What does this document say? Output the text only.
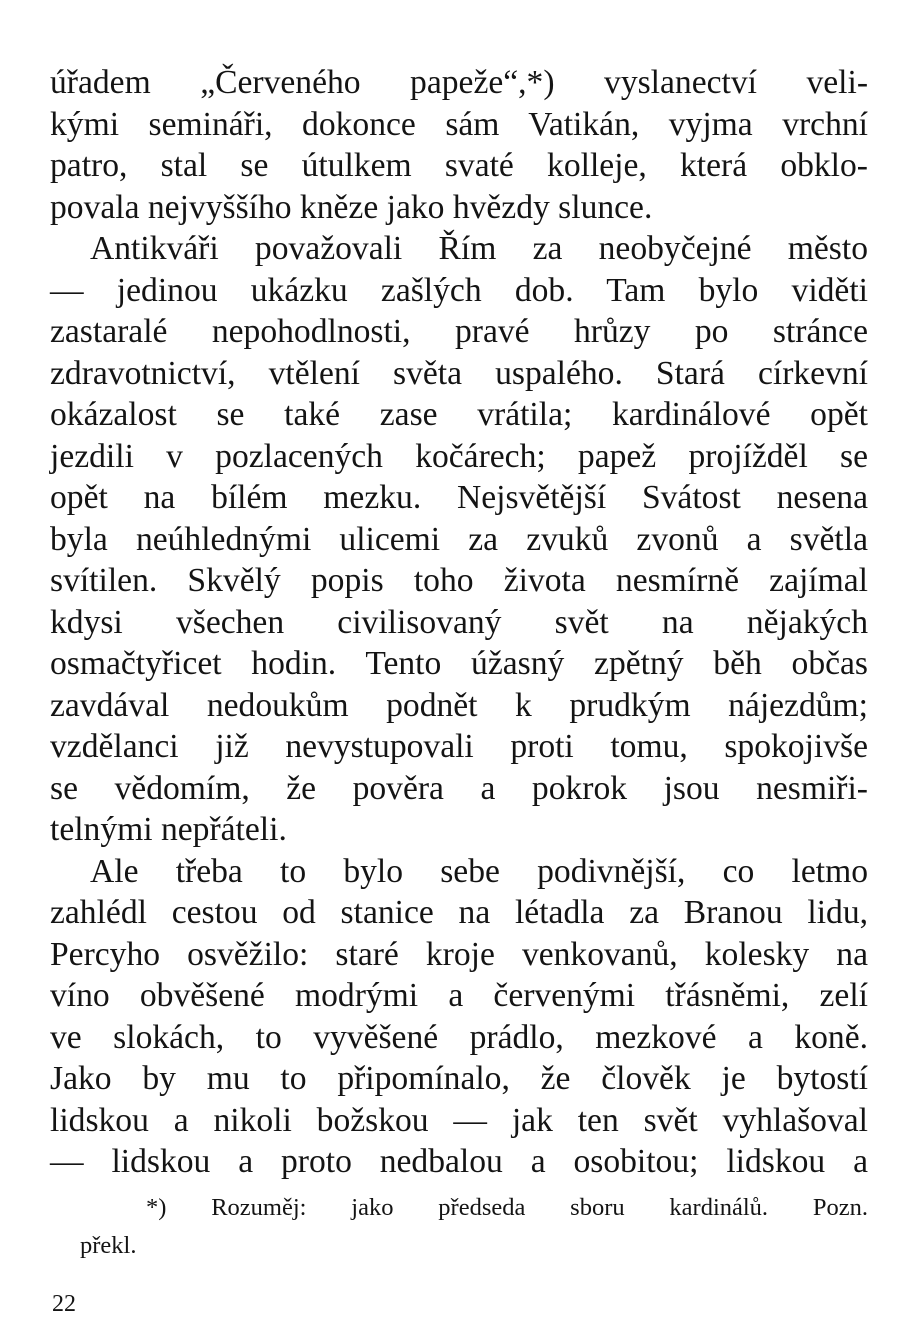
úřadem „Červeného papeže“,*) vyslanectví veli-
kými semináři, dokonce sám Vatikán, vyjma vrchní
patro, stal se útulkem svaté kolleje, která obklo-
povala nejvyššího kněze jako hvězdy slunce.

Antikváři považovali Řím za neobyčejné město
— jedinou ukázku zašlých dob. Tam bylo viděti
zastaralé nepohodlnosti, pravé hrůzy po stránce
zdravotnictví, vtělení světa uspalého. Stará církevní
okázalost se také zase vrátila; kardinálové opět
jezdili v pozlacených kočárech; papež projížděl se
opět na bílém mezku. Nejsvětější Svátost nesena
byla neúhlednými ulicemi za zvuků zvonů a světla
svítilen. Skvělý popis toho života nesmírně zajímal
kdysi všechen civilisovaný svět na nějakých
osmačtyřicet hodin. Tento úžasný zpětný běh občas
zavdával nedoukům podnět k prudkým nájezdům;
vzdělanci již nevystupovali proti tomu, spokojivše
se vědomím, že pověra a pokrok jsou nesmiři-
telnými nepřáteli.

Ale třeba to bylo sebe podivnější, co letmo
zahlédl cestou od stanice na létadla za Branou lidu,
Percyho osvěžilo: staré kroje venkovanů, kolesky na
víno obvěšené modrými a červenými třásněmi, zelí
ve slokách, to vyvěšené prádlo, mezkové a koně.
Jako by mu to připomínalo, že člověk je bytostí
lidskou a nikoli božskou — jak ten svět vyhlašoval
— lidskou a proto nedbalou a osobitou; lidskou a

*) Rozuměj: jako předseda sboru kardinálů. Pozn.
překl.
22
